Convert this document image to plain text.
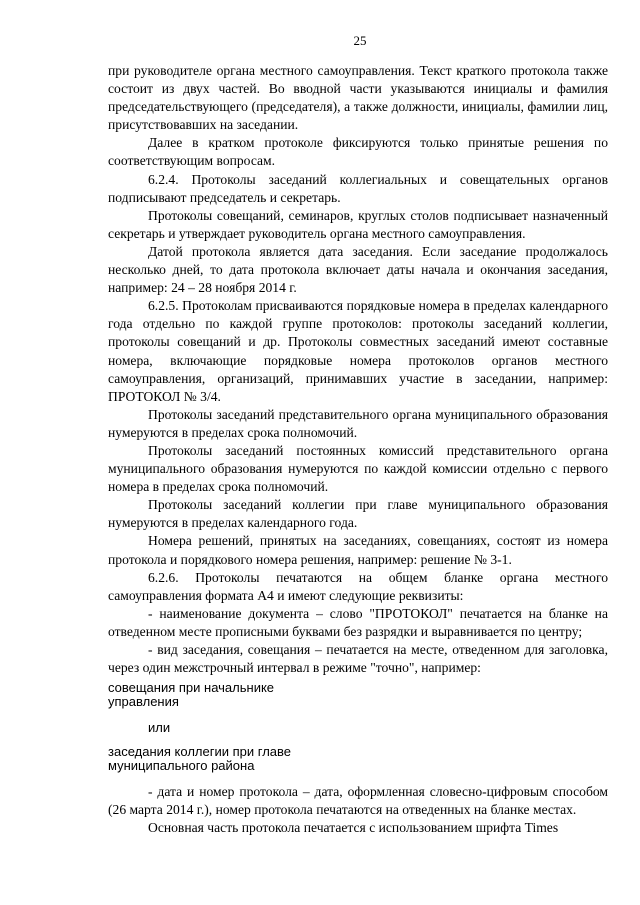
25

при руководителе органа местного самоуправления. Текст краткого протокола также состоит из двух частей. Во вводной части указываются инициалы и фамилия председательствующего (председателя), а также должности, инициалы, фамилии лиц, присутствовавших на заседании.

Далее в кратком протоколе фиксируются только принятые решения по соответствующим вопросам.

6.2.4. Протоколы заседаний коллегиальных и совещательных органов подписывают председатель и секретарь.

Протоколы совещаний, семинаров, круглых столов подписывает назначенный секретарь и утверждает руководитель органа местного самоуправления.

Датой протокола является дата заседания. Если заседание продолжалось несколько дней, то дата протокола включает даты начала и окончания заседания, например: 24 – 28 ноября 2014 г.

6.2.5. Протоколам присваиваются порядковые номера в пределах календарного года отдельно по каждой группе протоколов: протоколы заседаний коллегии, протоколы совещаний и др. Протоколы совместных заседаний имеют составные номера, включающие порядковые номера протоколов органов местного самоуправления, организаций, принимавших участие в заседании, например: ПРОТОКОЛ № 3/4.

Протоколы заседаний представительного органа муниципального образования нумеруются в пределах срока полномочий.

Протоколы заседаний постоянных комиссий представительного органа муниципального образования нумеруются по каждой комиссии отдельно с первого номера в пределах срока полномочий.

Протоколы заседаний коллегии при главе муниципального образования нумеруются в пределах календарного года.

Номера решений, принятых на заседаниях, совещаниях, состоят из номера протокола и порядкового номера решения, например: решение № 3-1.

6.2.6. Протоколы печатаются на общем бланке органа местного самоуправления формата А4 и имеют следующие реквизиты:

- наименование документа – слово "ПРОТОКОЛ" печатается на бланке на отведенном месте прописными буквами без разрядки и выравнивается по центру;

- вид заседания, совещания – печатается на месте, отведенном для заголовка, через один межстрочный интервал в режиме "точно", например:

совещания при начальнике
управления
или
заседания коллегии при главе
муниципального района

- дата и номер протокола – дата, оформленная словесно-цифровым способом (26 марта 2014 г.), номер протокола печатаются на отведенных на бланке местах.

Основная часть протокола печатается с использованием шрифта Times
